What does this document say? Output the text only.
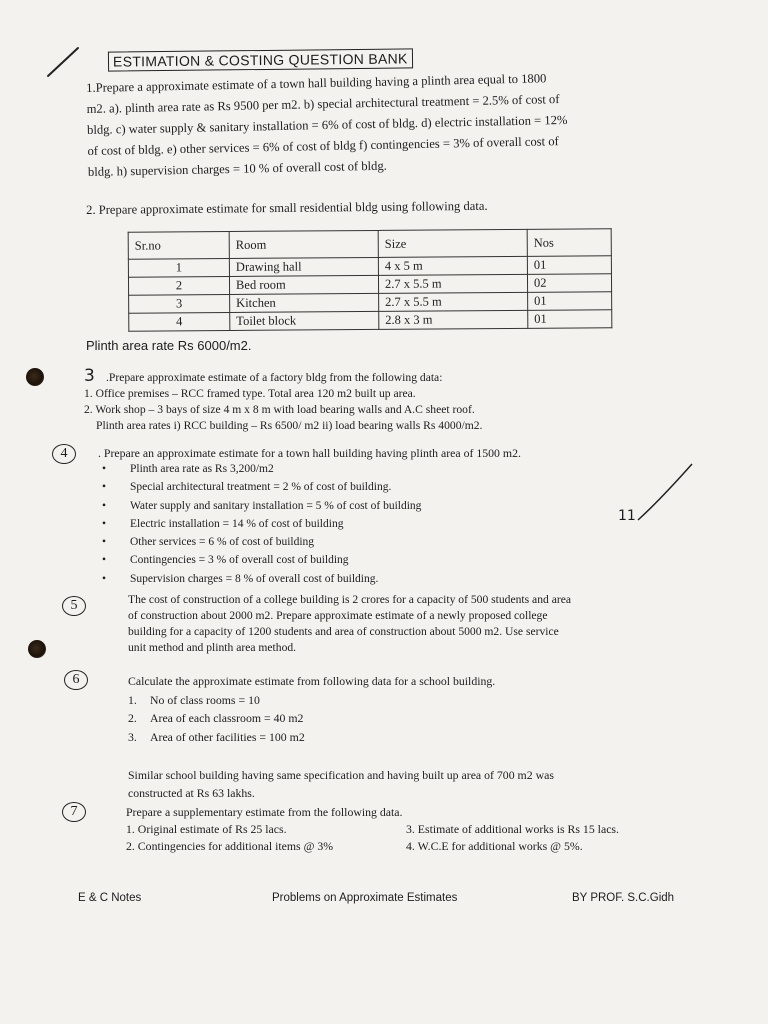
ESTIMATION & COSTING QUESTION BANK
1.Prepare a approximate estimate of a town hall building having a plinth area equal to 1800
m2. a). plinth area rate as Rs 9500 per m2. b) special architectural treatment = 2.5% of cost of
bldg. c) water supply & sanitary installation = 6% of cost of bldg. d) electric installation = 12%
of cost of bldg. e) other services = 6% of cost of bldg f) contingencies = 3% of overall cost of
bldg. h) supervision charges = 10 % of overall cost of bldg.
2. Prepare approximate estimate for small residential bldg using following data.
Sr.no	Room	Size	Nos
1	Drawing hall	4 x 5 m	01
2	Bed room	2.7 x 5.5 m	02
3	Kitchen	2.7 x 5.5 m	01
4	Toilet block	2.8 x 3 m	01
Plinth area rate Rs 6000/m2.
3 .Prepare approximate estimate of a factory bldg from the following data:
1. Office premises – RCC framed type. Total area 120 m2 built up area.
2. Work shop – 3 bays of size 4 m x 8 m with load bearing walls and A.C sheet roof.
Plinth area rates i) RCC building – Rs 6500/ m2 ii) load bearing walls Rs 4000/m2.
4	. Prepare an approximate estimate for a town hall building having plinth area of 1500 m2.
• Plinth area rate as Rs 3,200/m2
• Special architectural treatment = 2 % of cost of building.
• Water supply and sanitary installation = 5 % of cost of building
• Electric installation = 14 % of cost of building
• Other services = 6 % of cost of building
• Contingencies = 3 % of overall cost of building
• Supervision charges = 8 % of overall cost of building.
11
5	The cost of construction of a college building is 2 crores for a capacity of 500 students and area
of construction about 2000 m2. Prepare approximate estimate of a newly proposed college
building for a capacity of 1200 students and area of construction about 5000 m2. Use service
unit method and plinth area method.
6	Calculate the approximate estimate from following data for a school building.
1. No of class rooms = 10
2. Area of each classroom = 40 m2
3. Area of other facilities = 100 m2
Similar school building having same specification and having built up area of 700 m2 was
constructed at Rs 63 lakhs.
7	Prepare a supplementary estimate from the following data.
1. Original estimate of Rs 25 lacs.	3. Estimate of additional works is Rs 15 lacs.
2. Contingencies for additional items @ 3%	4. W.C.E for additional works @ 5%.
E & C Notes	Problems on Approximate Estimates	BY PROF. S.C.Gidh
